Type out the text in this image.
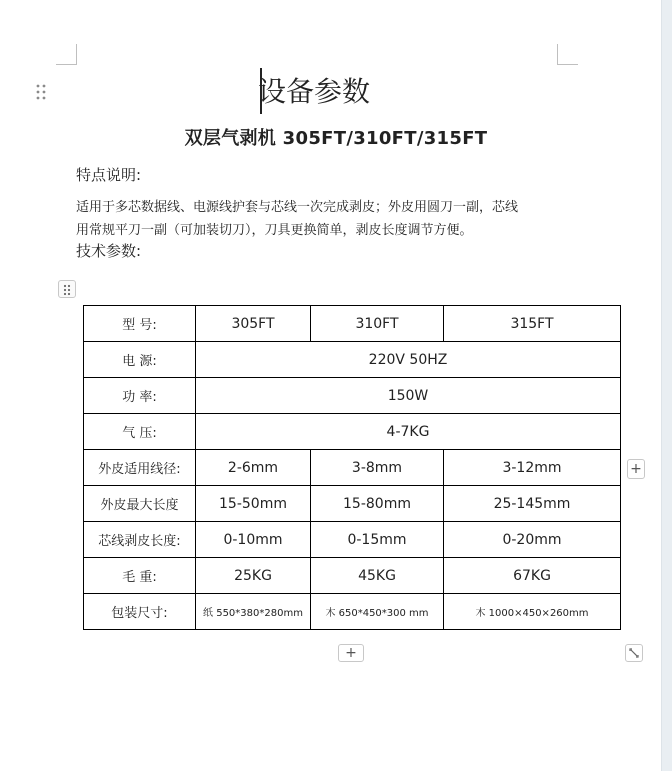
设备参数
双层气剥机 305FT/310FT/315FT
特点说明:
适用于多芯数据线、电源线护套与芯线一次完成剥皮；外皮用圆刀一副，芯线
用常规平刀一副（可加装切刀），刀具更换简单，剥皮长度调节方便。
技术参数:
型 号:	305FT	310FT	315FT
电 源:	220V 50HZ		
功 率:	150W		
气 压:	4-7KG		
外皮适用线径:	2-6mm	3-8mm	3-12mm
外皮最大长度	15-50mm	15-80mm	25-145mm
芯线剥皮长度:	0-10mm	0-15mm	0-20mm
毛 重:	25KG	45KG	67KG
包装尺寸:	纸 550*380*280mm	木 650*450*300 mm	木 1000×450×260mm
+
+
